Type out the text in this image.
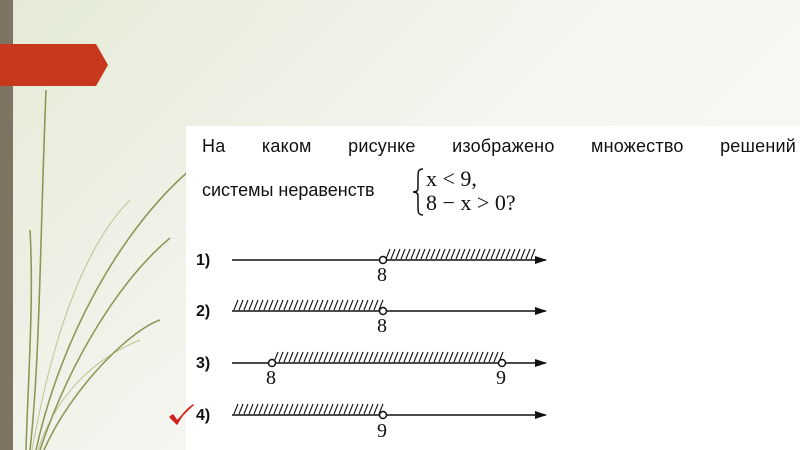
На каком рисунке изображено множество решений

системы неравенств x < 9,
8 − x > 0?
1)
8
2)
8
3)
8	9
4)
9
